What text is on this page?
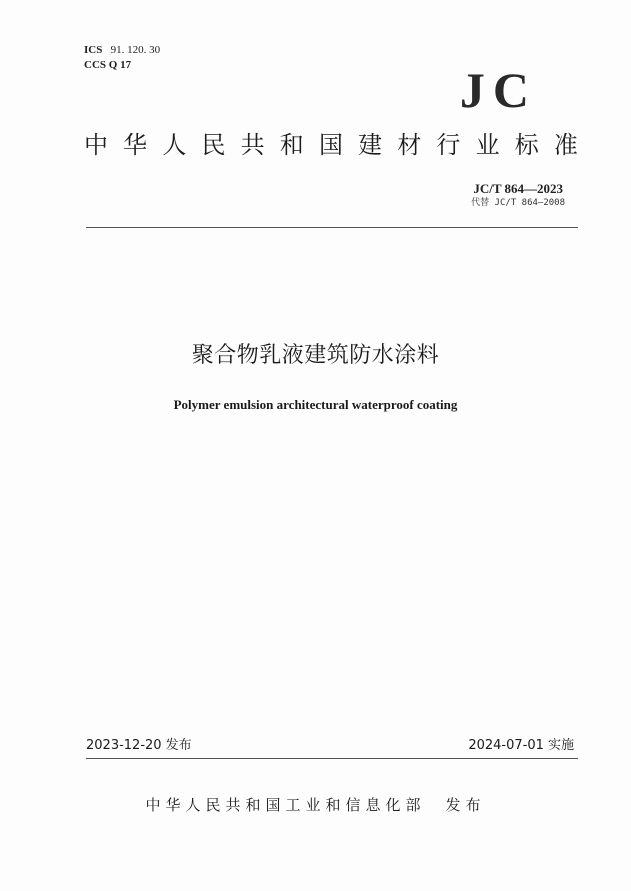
ICS 91. 120. 30
CCS Q 17	JC
中 华 人 民 共 和 国 建 材 行 业 标 准
JC/T 864—2023
代替 JC/T 864—2008
聚合物乳液建筑防水涂料
Polymer emulsion architectural waterproof coating
2023-12-20 发布	2024-07-01 实施
中华人民共和国工业和信息化部 发布
